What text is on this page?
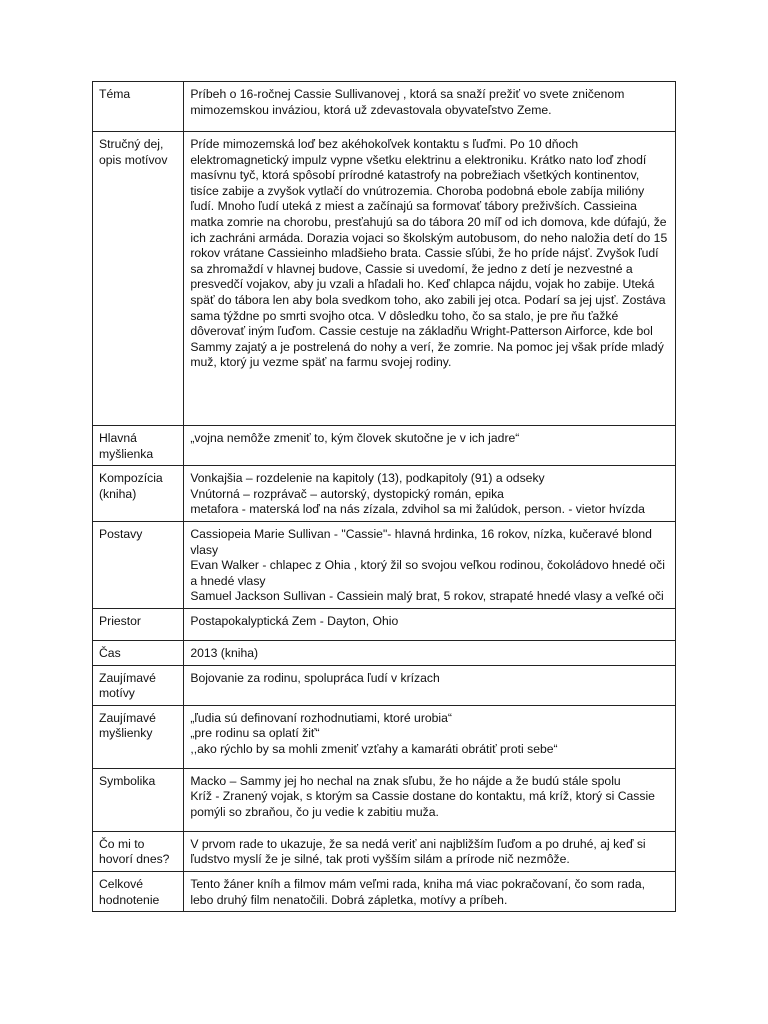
Téma	Príbeh o 16-ročnej Cassie Sullivanovej , ktorá sa snaží prežiť vo svete zničenom mimozemskou inváziou, ktorá už zdevastovala obyvateľstvo Zeme.

Stručný dej, opis motívov	Príde mimozemská loď bez akéhokoľvek kontaktu s ľuďmi. Po 10 dňoch elektromagnetický impulz vypne všetku elektrinu a elektroniku. Krátko nato loď zhodí masívnu tyč, ktorá spôsobí prírodné katastrofy na pobrežiach všetkých kontinentov, tisíce zabije a zvyšok vytlačí do vnútrozemia. Choroba podobná ebole zabíja milióny ľudí. Mnoho ľudí uteká z miest a začínajú sa formovať tábory preživších. Cassieina matka zomrie na chorobu, presťahujú sa do tábora 20 míľ od ich domova, kde dúfajú, že ich zachráni armáda. Dorazia vojaci so školským autobusom, do neho naložia detí do 15 rokov vrátane Cassieinho mladšieho brata. Cassie sľúbi, že ho príde nájsť. Zvyšok ľudí sa zhromaždí v hlavnej budove, Cassie si uvedomí, že jedno z detí je nezvestné a presvedčí vojakov, aby ju vzali a hľadali ho. Keď chlapca nájdu, vojak ho zabije. Uteká späť do tábora len aby bola svedkom toho, ako zabili jej otca. Podarí sa jej ujsť. Zostáva sama týždne po smrti svojho otca. V dôsledku toho, čo sa stalo, je pre ňu ťažké dôverovať iným ľuďom. Cassie cestuje na základňu Wright-Patterson Airforce, kde bol Sammy zajatý a je postrelená do nohy a verí, že zomrie. Na pomoc jej však príde mladý muž, ktorý ju vezme späť na farmu svojej rodiny.

Hlavná myšlienka	„vojna nemôže zmeniť to, kým človek skutočne je v ich jadre“

Kompozícia (kniha)	Vonkajšia – rozdelenie na kapitoly (13), podkapitoly (91) a odseky
Vnútorná – rozprávač – autorský, dystopický román, epika
metafora - materská loď na nás zízala, zdvihol sa mi žalúdok, person. - vietor hvízda

Postavy	Cassiopeia Marie Sullivan - "Cassie"- hlavná hrdinka, 16 rokov, nízka, kučeravé blond vlasy
Evan Walker - chlapec z Ohia , ktorý žil so svojou veľkou rodinou, čokoládovo hnedé oči a hnedé vlasy
Samuel Jackson Sullivan - Cassiein malý brat, 5 rokov, strapaté hnedé vlasy a veľké oči

Priestor	Postapokalyptická Zem - Dayton, Ohio

Čas	2013 (kniha)

Zaujímavé motívy	Bojovanie za rodinu, spolupráca ľudí v krízach

Zaujímavé myšlienky	„ľudia sú definovaní rozhodnutiami, ktoré urobia“
„pre rodinu sa oplatí žiť“
,,ako rýchlo by sa mohli zmeniť vzťahy a kamaráti obrátiť proti sebe“

Symbolika	Macko – Sammy jej ho nechal na znak sľubu, že ho nájde a že budú stále spolu
Kríž - Zranený vojak, s ktorým sa Cassie dostane do kontaktu, má kríž, ktorý si Cassie pomýli so zbraňou, čo ju vedie k zabitiu muža.

Čo mi to hovorí dnes?	V prvom rade to ukazuje, že sa nedá veriť ani najbližším ľuďom a po druhé, aj keď si ľudstvo myslí že je silné, tak proti vyšším silám a prírode nič nezmôže.

Celkové hodnotenie	Tento žáner kníh a filmov mám veľmi rada, kniha má viac pokračovaní, čo som rada, lebo druhý film nenatočili. Dobrá zápletka, motívy a príbeh.
